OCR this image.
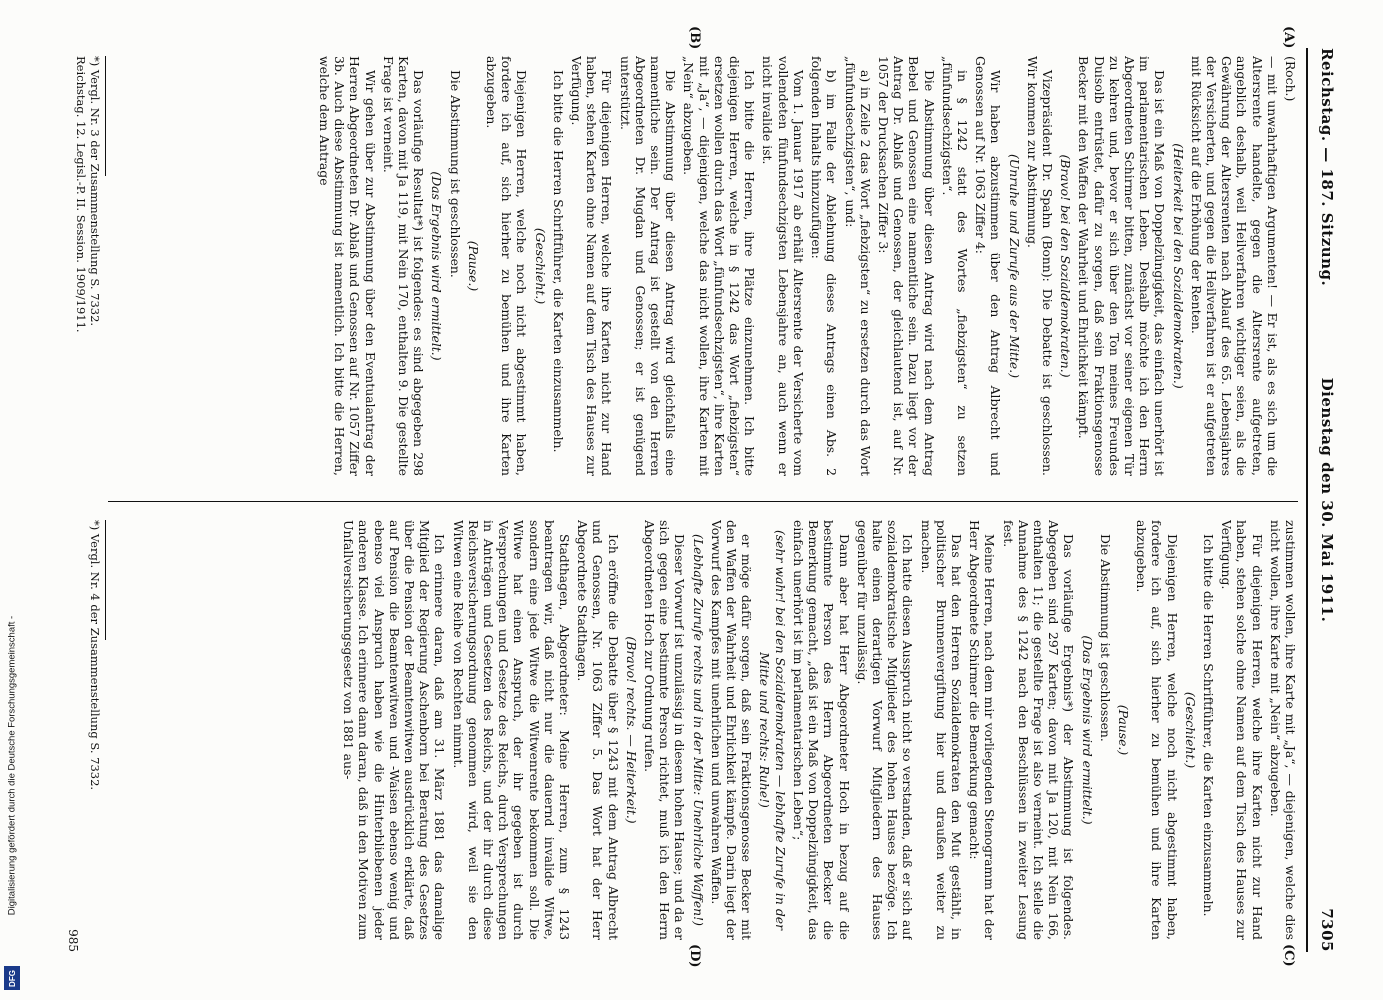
Reichstag. — 187. Sitzung.
Dienstag den 30. Mai 1911.
7305
(A)
(B)
(C)
(D)

(Roch.)

— mit unwahrhaftigen Argumenten! — Er ist, als es sich um die Altersrente handelte, gegen die Altersrente aufgetreten, angeblich deshalb, weil Heilverfahren wichtiger seien, als die Gewährung der Altersrenten nach Ablauf des 65. Lebensjahres der Versicherten, und gegen die Heilverfahren ist er aufgetreten mit Rücksicht auf die Erhöhung der Renten.

(Heiterkeit bei den Sozialdemokraten.)

Das ist ein Maß von Doppelzüngigkeit, das einfach unerhört ist im parlamentarischen Leben. Deshalb möchte ich den Herrn Abgeordneten Schirmer bitten, zunächst vor seiner eigenen Tür zu kehren und, bevor er sich über den Ton meines Freundes Duisolb entrüstet, dafür zu sorgen, daß sein Fraktionsgenosse Becker mit den Waffen der Wahrheit und Ehrlichkeit kämpft.

(Bravo! bei den Sozialdemokraten.)

Vizepräsident Dr. Spahn (Bonn): Die Debatte ist geschlossen. Wir kommen zur Abstimmung.

(Unruhe und Zurufe aus der Mitte.)

Wir haben abzustimmen über den Antrag Albrecht und Genossen auf Nr. 1063 Ziffer 4:

in § 1242 statt des Wortes „fiebzigsten“ zu setzen „fünfundsechzigsten“.

Die Abstimmung über diesen Antrag wird nach dem Antrag Bebel und Genossen eine namentliche sein. Dazu liegt vor der Antrag Dr. Ablaß und Genossen, der gleichlautend ist, auf Nr. 1057 der Drucksachen Ziffer 3:

a) in Zeile 2 das Wort „fiebzigsten“ zu ersetzen durch das Wort „fünfundsechzigsten“, und:

b) im Falle der Ablehnung dieses Antrags einen Abs. 2 folgenden Inhalts hinzuzufügen:

Vom 1. Januar 1917 ab erhält Altersrente der Versicherte vom vollendeten fünfundsechzigsten Lebensjahre an, auch wenn er nicht invalide ist.

Ich bitte die Herren, ihre Plätze einzunehmen. Ich bitte diejenigen Herren, welche in § 1242 das Wort „fiebzigsten“ ersetzen wollen durch das Wort „fünfundsechzigsten“, ihre Karten mit „Ja“, — diejenigen, welche das nicht wollen, ihre Karten mit „Nein“ abzugeben.

Die Abstimmung über diesen Antrag wird gleichfalls eine namentliche sein. Der Antrag ist gestellt von den Herren Abgeordneten Dr. Mugdan und Genossen; er ist genügend unterstützt.

Für diejenigen Herren, welche ihre Karten nicht zur Hand haben, stehen Karten ohne Namen auf dem Tisch des Hauses zur Verfügung.

Ich bitte die Herren Schriftführer, die Karten einzusammeln.

(Geschieht.)

Diejenigen Herren, welche noch nicht abgestimmt haben, fordere ich auf, sich hierher zu bemühen und ihre Karten abzugeben.

(Pause.)

Die Abstimmung ist geschlossen.

(Das Ergebnis wird ermittelt.)

Das vorläufige Resultat*) ist folgendes: es sind abgegeben 298 Karten, davon mit Ja 119, mit Nein 170, enthalten 9. Die gestellte Frage ist verneint.

Wir gehen über zur Abstimmung über den Eventualantrag der Herren Abgeordneten Dr. Ablaß und Genossen auf Nr. 1057 Ziffer 3b. Auch diese Abstimmung ist namentlich. Ich bitte die Herren, welche dem Antrage

zustimmen wollen, ihre Karte mit „Ja“, — diejenigen, welche dies nicht wollen, ihre Karte mit „Nein“ abzugeben.

Für diejenigen Herren, welche ihre Karten nicht zur Hand haben, stehen solche ohne Namen auf dem Tisch des Hauses zur Verfügung.

Ich bitte die Herren Schriftführer, die Karten einzusammeln.

(Geschieht.)

Diejenigen Herren, welche noch nicht abgestimmt haben, fordere ich auf, sich hierher zu bemühen und ihre Karten abzugeben.

(Pause.)

Die Abstimmung ist geschlossen.

(Das Ergebnis wird ermittelt.)

Das vorläufige Ergebnis*) der Abstimmung ist folgendes. Abgegeben sind 297 Karten; davon mit Ja 120, mit Nein 166, enthalten 11; die gestellte Frage ist also verneint. Ich stelle die Annahme des § 1242 nach den Beschlüssen in zweiter Lesung fest.

Meine Herren, nach dem mir vorliegenden Stenogramm hat der Herr Abgeordnete Schirmer die Bemerkung gemacht:

Das hat den Herren Sozialdemokraten den Mut gestählt, in politischer Brunnenvergiftung hier und draußen weiter zu machen.

Ich hatte diesen Ausspruch nicht so verstanden, daß er sich auf sozialdemokratische Mitglieder des hohen Hauses bezöge. Ich halte einen derartigen Vorwurf Mitgliedern des Hauses gegenüber für unzulässig.

Dann aber hat Herr Abgeordneter Hoch in bezug auf die bestimmte Person des Herrn Abgeordneten Becker die Bemerkung gemacht, „daß ist ein Maß von Doppelzüngigkeit, das einfach unerhört ist im parlamentarischen Leben“;

(sehr wahr! bei den Sozialdemokraten — lebhafte Zurufe in der Mitte und rechts: Ruhe!)

er möge dafür sorgen, daß sein Fraktionsgenosse Becker mit den Waffen der Wahrheit und Ehrlichkeit kämpfe. Darin liegt der Vorwurf des Kampfes mit unehrlichen und unwahren Waffen.

(Lebhafte Zurufe rechts und in der Mitte: Unehrliche Waffen!)

Dieser Vorwurf ist unzulässig in diesem hohen Hause; und da er sich gegen eine bestimmte Person richtet, muß ich den Herrn Abgeordneten Hoch zur Ordnung rufen.

(Bravo! rechts. — Heiterkeit.)

Ich eröffne die Debatte über § 1243 mit dem Antrag Albrecht und Genossen, Nr. 1063 Ziffer 5. Das Wort hat der Herr Abgeordnete Stadthagen.

Stadthagen, Abgeordneter: Meine Herren, zum § 1243 beantragen wir, daß nicht nur die dauernd invalide Witwe, sondern eine jede Witwe die Witwenrente bekommen soll. Die Witwe hat einen Anspruch, der ihr gegeben ist durch Versprechungen und Gesetze des Reichs, durch Versprechungen in Anträgen und Gesetzen des Reichs, und der ihr durch diese Reichsversicherungsordnung genommen wird, weil sie den Witwen eine Reihe von Rechten nimmt.

Ich erinnere daran, daß am 31. März 1881 das damalige Mitglied der Regierung Aschenborn bei Beratung des Gesetzes über die Pension der Beamtenwitwen ausdrücklich erklärte, daß auf Pension die Beamtenwitwen und -Waisen ebenso wenig und ebenso viel Anspruch haben wie die Hinterbliebenen jeder anderen Klasse. Ich erinnere dann daran, daß in den Motiven zum Unfallversicherungsgesetz von 1881 aus-

*) Vergl. Nr. 3 der Zusammenstellung S. 7332.
Reichstag. 12. Legisl.-P. II. Session. 1909/1911.
*) Vergl. Nr. 4 der Zusammenstellung S. 7332.
985
Digitalisierung gefördert durch die Deutsche Forschungsgemeinschaft -
DFG
